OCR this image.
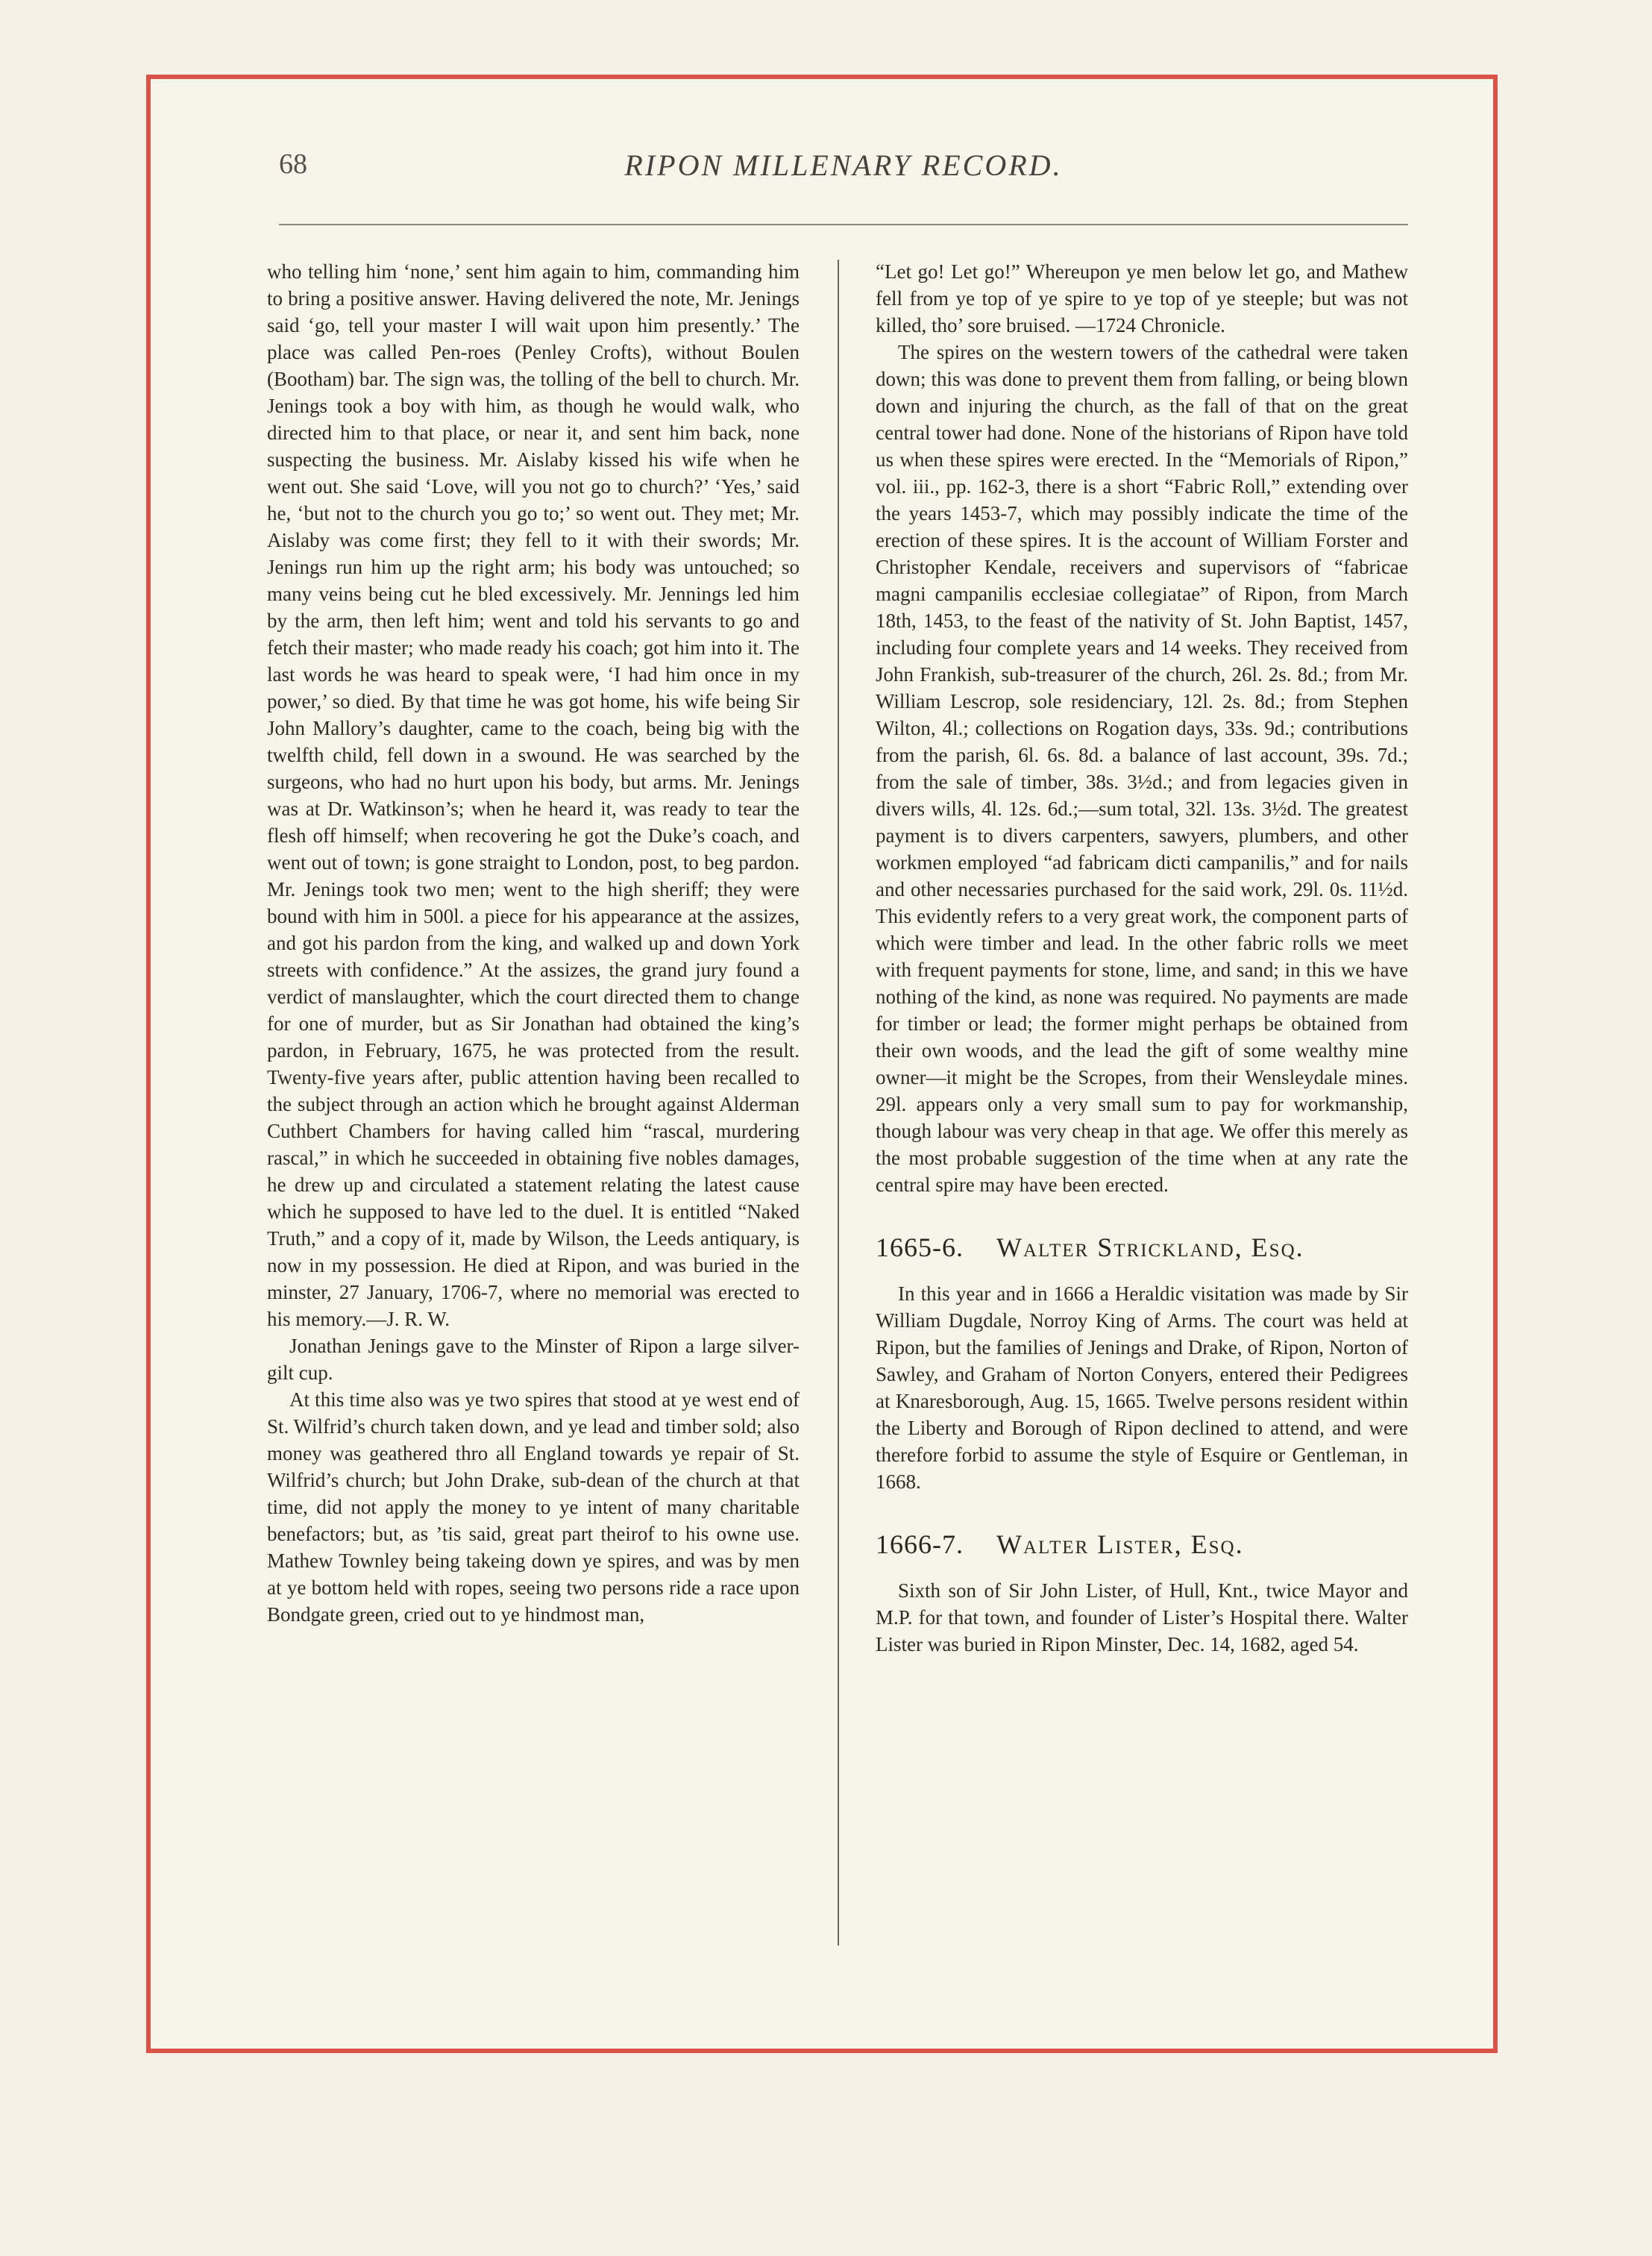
68	RIPON MILLENARY RECORD.

who telling him ‘none,’ sent him again to him, commanding him to bring a positive answer. Having delivered the note, Mr. Jenings said ‘go, tell your master I will wait upon him presently.’ The place was called Pen-roes (Penley Crofts), without Boulen (Bootham) bar. The sign was, the tolling of the bell to church. Mr. Jenings took a boy with him, as though he would walk, who directed him to that place, or near it, and sent him back, none suspecting the business. Mr. Aislaby kissed his wife when he went out. She said ‘Love, will you not go to church?’ ‘Yes,’ said he, ‘but not to the church you go to;’ so went out. They met; Mr. Aislaby was come first; they fell to it with their swords; Mr. Jenings run him up the right arm; his body was untouched; so many veins being cut he bled excessively. Mr. Jennings led him by the arm, then left him; went and told his servants to go and fetch their master; who made ready his coach; got him into it. The last words he was heard to speak were, ‘I had him once in my power,’ so died. By that time he was got home, his wife being Sir John Mallory’s daughter, came to the coach, being big with the twelfth child, fell down in a swound. He was searched by the surgeons, who had no hurt upon his body, but arms. Mr. Jenings was at Dr. Watkinson’s; when he heard it, was ready to tear the flesh off himself; when recovering he got the Duke’s coach, and went out of town; is gone straight to London, post, to beg pardon. Mr. Jenings took two men; went to the high sheriff; they were bound with him in 500l. a piece for his appearance at the assizes, and got his pardon from the king, and walked up and down York streets with confidence.” At the assizes, the grand jury found a verdict of manslaughter, which the court directed them to change for one of murder, but as Sir Jonathan had obtained the king’s pardon, in February, 1675, he was protected from the result. Twenty-five years after, public attention having been recalled to the subject through an action which he brought against Alderman Cuthbert Chambers for having called him “rascal, murdering rascal,” in which he succeeded in obtaining five nobles damages, he drew up and circulated a statement relating the latest cause which he supposed to have led to the duel. It is entitled “Naked Truth,” and a copy of it, made by Wilson, the Leeds antiquary, is now in my possession. He died at Ripon, and was buried in the minster, 27 January, 1706-7, where no memorial was erected to his memory.—J. R. W.

Jonathan Jenings gave to the Minster of Ripon a large silver-gilt cup.

At this time also was ye two spires that stood at ye west end of St. Wilfrid’s church taken down, and ye lead and timber sold; also money was geathered thro all England towards ye repair of St. Wilfrid’s church; but John Drake, sub-dean of the church at that time, did not apply the money to ye intent of many charitable benefactors; but, as ’tis said, great part theirof to his owne use. Mathew Townley being takeing down ye spires, and was by men at ye bottom held with ropes, seeing two persons ride a race upon Bondgate green, cried out to ye hindmost man,

“Let go! Let go!” Whereupon ye men below let go, and Mathew fell from ye top of ye spire to ye top of ye steeple; but was not killed, tho’ sore bruised. —1724 Chronicle.

The spires on the western towers of the cathedral were taken down; this was done to prevent them from falling, or being blown down and injuring the church, as the fall of that on the great central tower had done. None of the historians of Ripon have told us when these spires were erected. In the “Memorials of Ripon,” vol. iii., pp. 162-3, there is a short “Fabric Roll,” extending over the years 1453-7, which may possibly indicate the time of the erection of these spires. It is the account of William Forster and Christopher Kendale, receivers and supervisors of “fabricae magni campanilis ecclesiae collegiatae” of Ripon, from March 18th, 1453, to the feast of the nativity of St. John Baptist, 1457, including four complete years and 14 weeks. They received from John Frankish, sub-treasurer of the church, 26l. 2s. 8d.; from Mr. William Lescrop, sole residenciary, 12l. 2s. 8d.; from Stephen Wilton, 4l.; collections on Rogation days, 33s. 9d.; contributions from the parish, 6l. 6s. 8d. a balance of last account, 39s. 7d.; from the sale of timber, 38s. 3½d.; and from legacies given in divers wills, 4l. 12s. 6d.;—sum total, 32l. 13s. 3½d. The greatest payment is to divers carpenters, sawyers, plumbers, and other workmen employed “ad fabricam dicti campanilis,” and for nails and other necessaries purchased for the said work, 29l. 0s. 11½d. This evidently refers to a very great work, the component parts of which were timber and lead. In the other fabric rolls we meet with frequent payments for stone, lime, and sand; in this we have nothing of the kind, as none was required. No payments are made for timber or lead; the former might perhaps be obtained from their own woods, and the lead the gift of some wealthy mine owner—it might be the Scropes, from their Wensleydale mines. 29l. appears only a very small sum to pay for workmanship, though labour was very cheap in that age. We offer this merely as the most probable suggestion of the time when at any rate the central spire may have been erected.

1665-6. Walter Strickland, Esq.

In this year and in 1666 a Heraldic visitation was made by Sir William Dugdale, Norroy King of Arms. The court was held at Ripon, but the families of Jenings and Drake, of Ripon, Norton of Sawley, and Graham of Norton Conyers, entered their Pedigrees at Knaresborough, Aug. 15, 1665. Twelve persons resident within the Liberty and Borough of Ripon declined to attend, and were therefore forbid to assume the style of Esquire or Gentleman, in 1668.

1666-7. Walter Lister, Esq.

Sixth son of Sir John Lister, of Hull, Knt., twice Mayor and M.P. for that town, and founder of Lister’s Hospital there. Walter Lister was buried in Ripon Minster, Dec. 14, 1682, aged 54.
